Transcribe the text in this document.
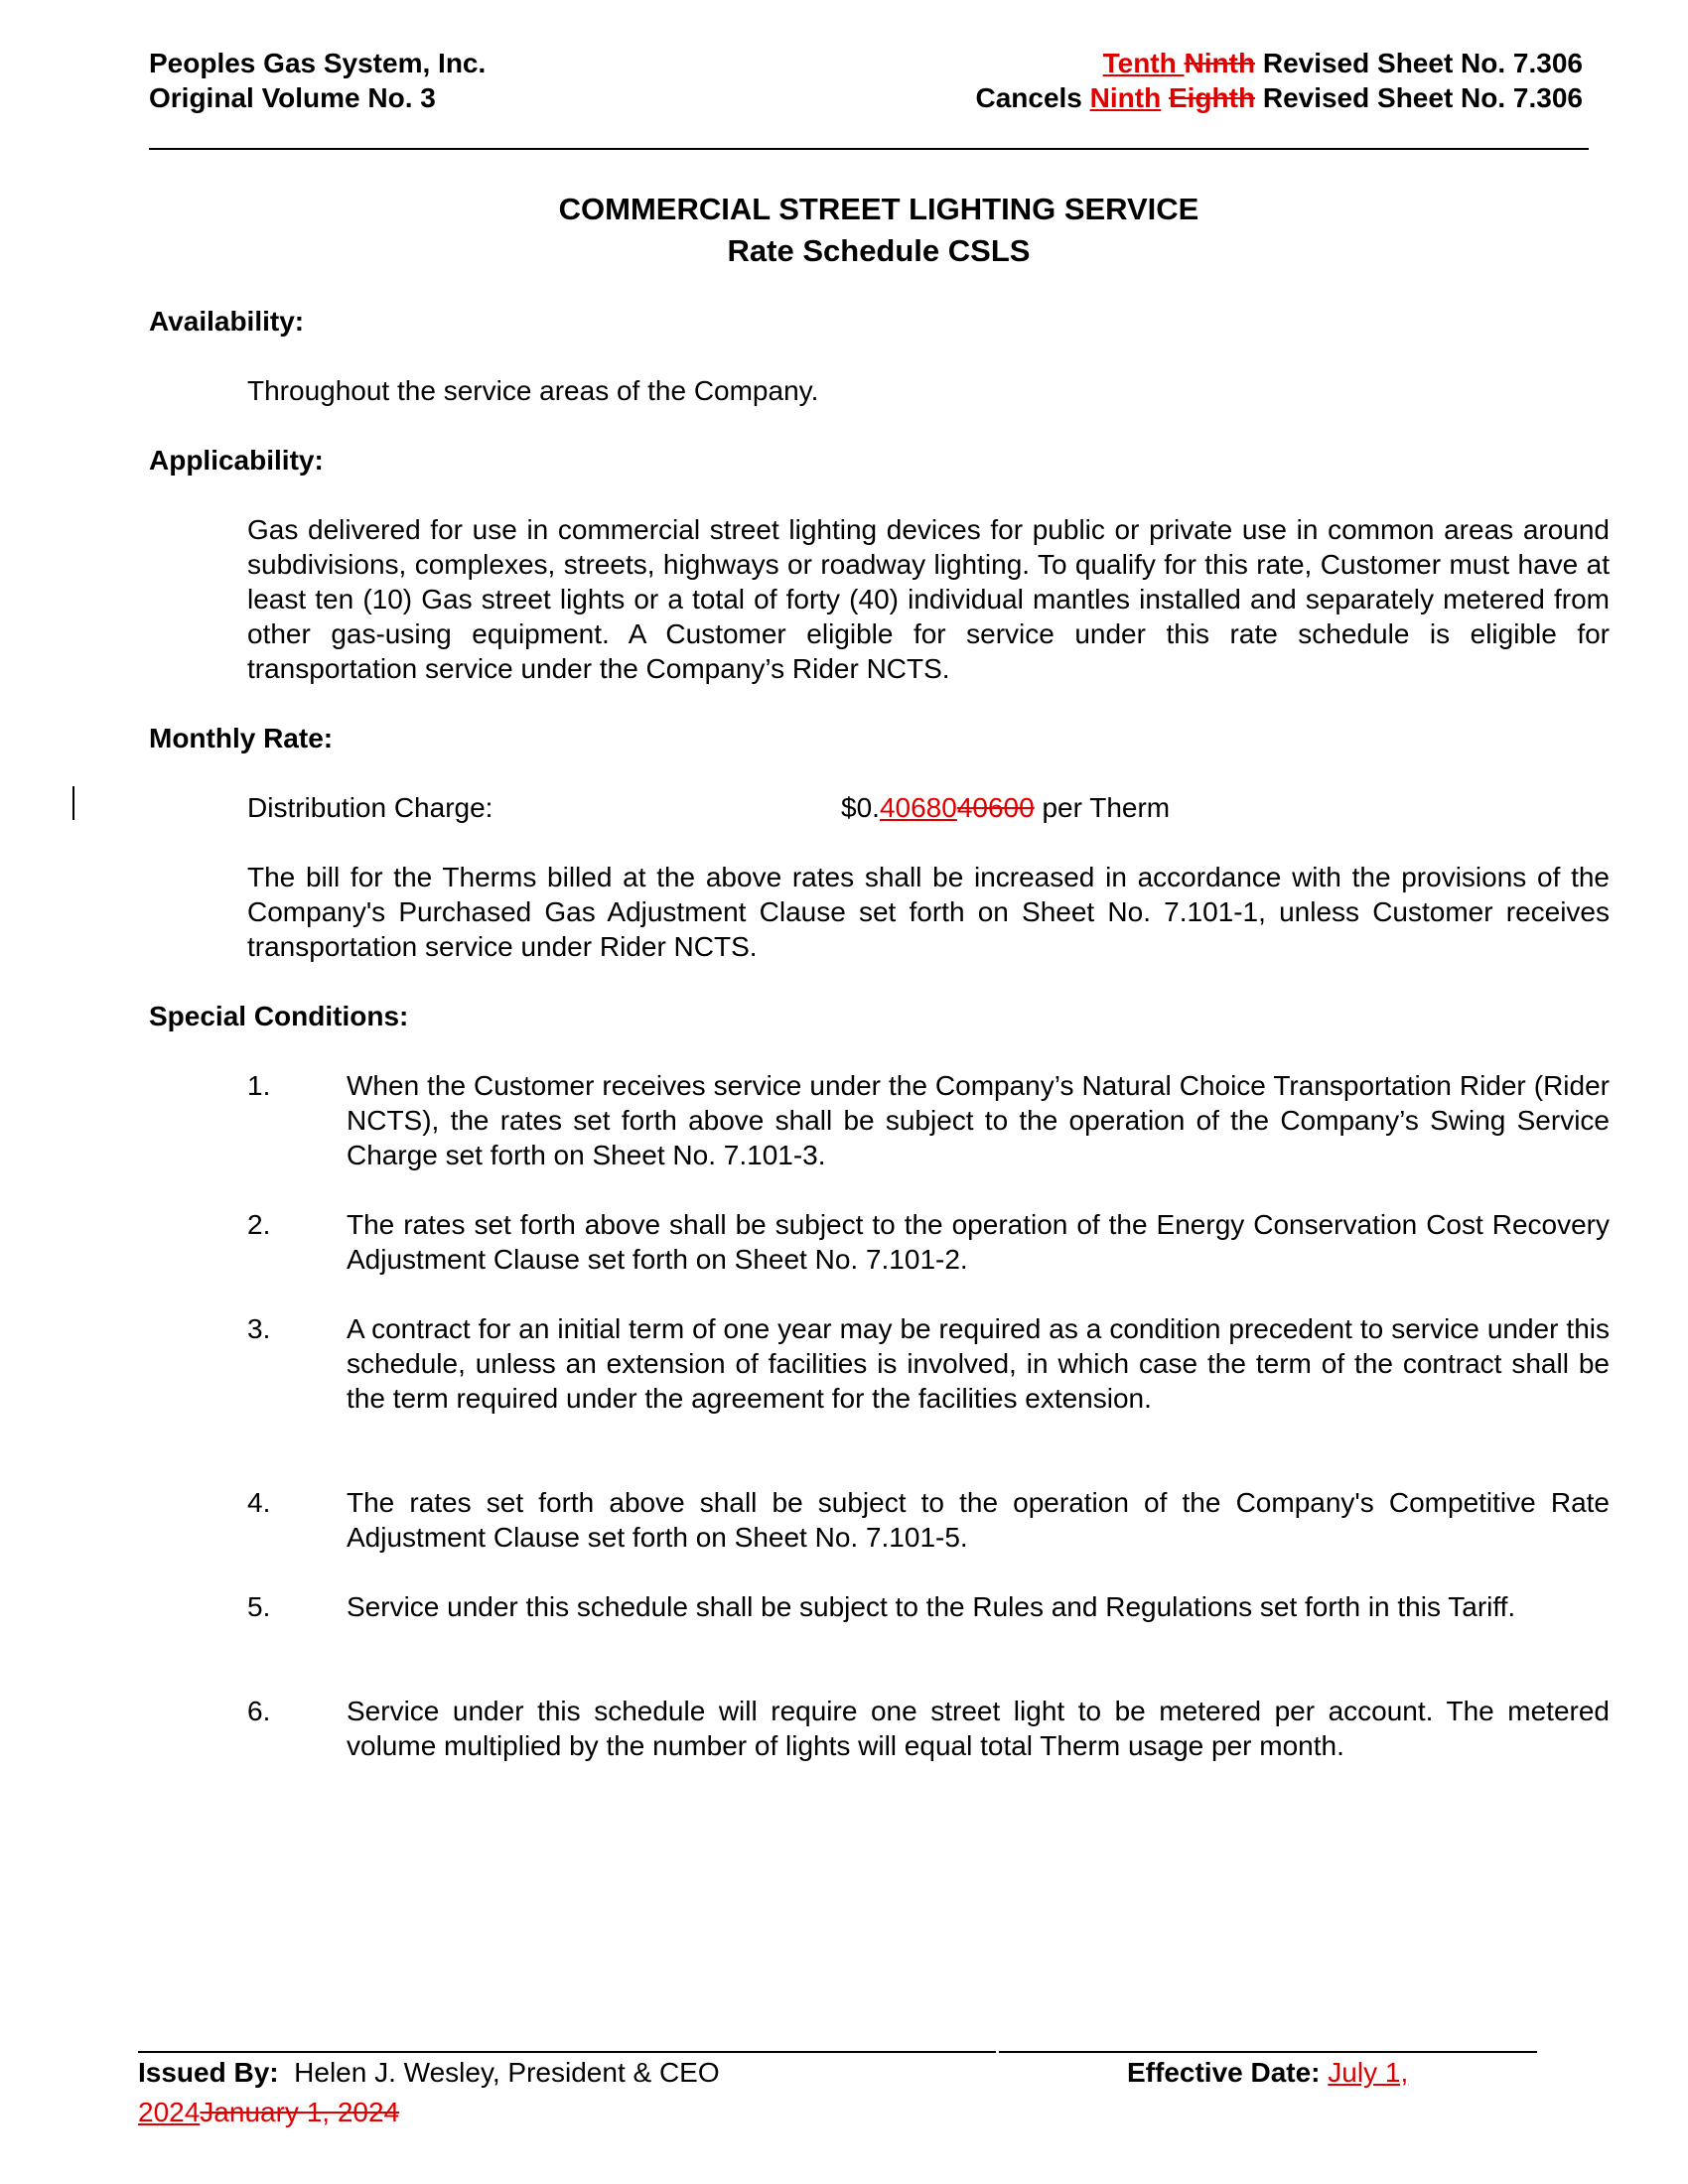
Peoples Gas System, Inc.
Original Volume No. 3
Tenth Ninth Revised Sheet No. 7.306
Cancels Ninth Eighth Revised Sheet No. 7.306
COMMERCIAL STREET LIGHTING SERVICE
Rate Schedule CSLS
Availability:
Throughout the service areas of the Company.
Applicability:
Gas delivered for use in commercial street lighting devices for public or private use in common areas around subdivisions, complexes, streets, highways or roadway lighting. To qualify for this rate, Customer must have at least ten (10) Gas street lights or a total of forty (40) individual mantles installed and separately metered from other gas-using equipment. A Customer eligible for service under this rate schedule is eligible for transportation service under the Company’s Rider NCTS.
Monthly Rate:
Distribution Charge:	$0.4068040600 per Therm
The bill for the Therms billed at the above rates shall be increased in accordance with the provisions of the Company's Purchased Gas Adjustment Clause set forth on Sheet No. 7.101-1, unless Customer receives transportation service under Rider NCTS.
Special Conditions:
1.	When the Customer receives service under the Company’s Natural Choice Transportation Rider (Rider NCTS), the rates set forth above shall be subject to the operation of the Company’s Swing Service Charge set forth on Sheet No. 7.101-3.
2.	The rates set forth above shall be subject to the operation of the Energy Conservation Cost Recovery Adjustment Clause set forth on Sheet No. 7.101-2.
3.	A contract for an initial term of one year may be required as a condition precedent to service under this schedule, unless an extension of facilities is involved, in which case the term of the contract shall be the term required under the agreement for the facilities extension.
4.	The rates set forth above shall be subject to the operation of the Company's Competitive Rate Adjustment Clause set forth on Sheet No. 7.101-5.
5.	Service under this schedule shall be subject to the Rules and Regulations set forth in this Tariff.
6.	Service under this schedule will require one street light to be metered per account. The metered volume multiplied by the number of lights will equal total Therm usage per month.
Issued By:  Helen J. Wesley, President & CEO	Effective Date: July 1,
2024January 1, 2024
